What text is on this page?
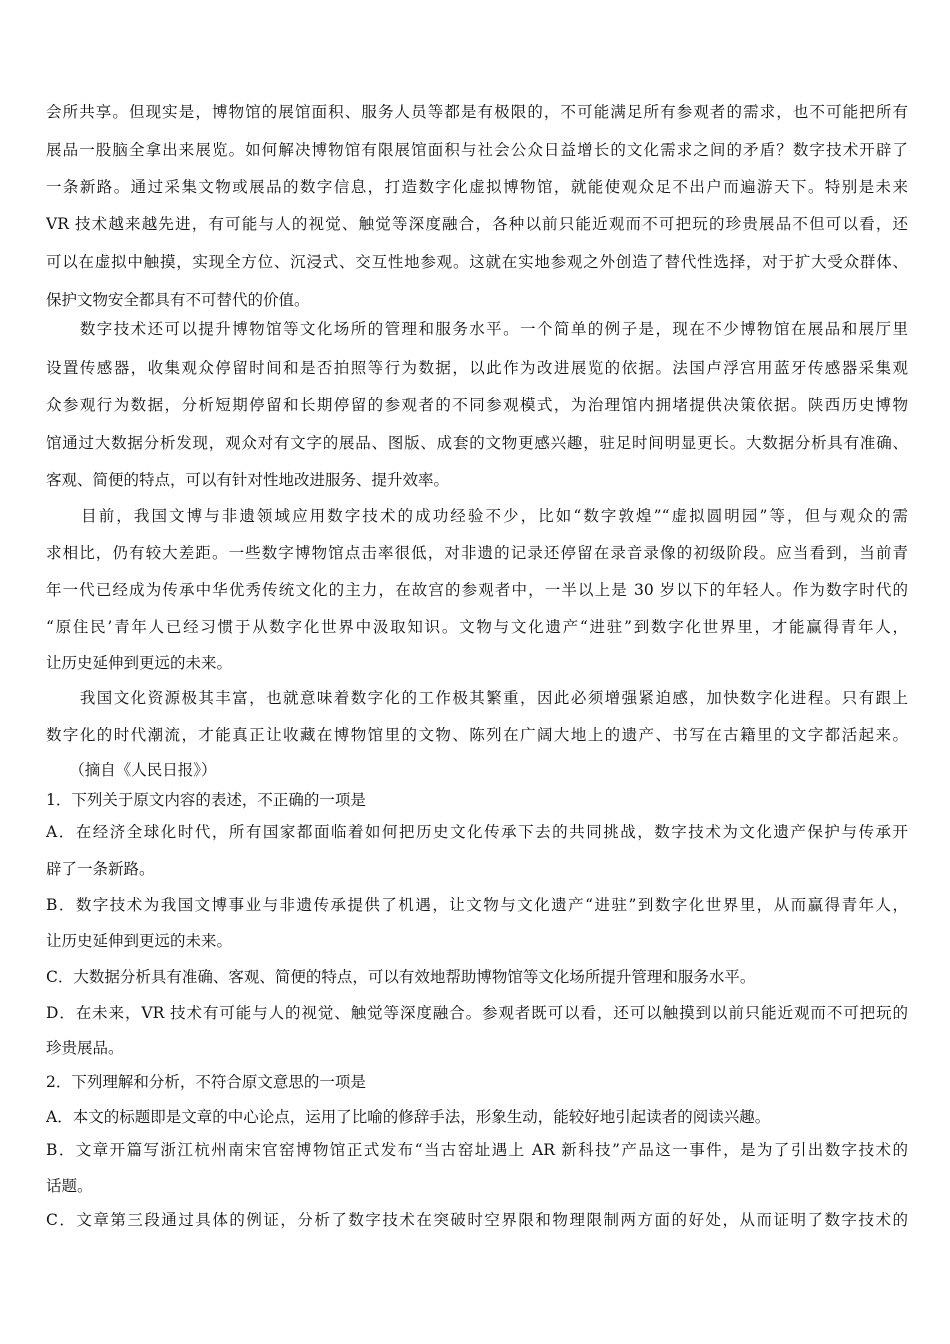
会所共享。但现实是，博物馆的展馆面积、服务人员等都是有极限的，不可能满足所有参观者的需求，也不可能把所有
展品一股脑全拿出来展览。如何解决博物馆有限展馆面积与社会公众日益增长的文化需求之间的矛盾？数字技术开辟了
一条新路。通过采集文物或展品的数字信息，打造数字化虚拟博物馆，就能使观众足不出户而遍游天下。特别是未来
VR 技术越来越先进，有可能与人的视觉、触觉等深度融合，各种以前只能近观而不可把玩的珍贵展品不但可以看，还
可以在虚拟中触摸，实现全方位、沉浸式、交互性地参观。这就在实地参观之外创造了替代性选择，对于扩大受众群体、
保护文物安全都具有不可替代的价值。
　　数字技术还可以提升博物馆等文化场所的管理和服务水平。一个简单的例子是，现在不少博物馆在展品和展厅里
设置传感器，收集观众停留时间和是否拍照等行为数据，以此作为改进展览的依据。法国卢浮宫用蓝牙传感器采集观
众参观行为数据，分析短期停留和长期停留的参观者的不同参观模式，为治理馆内拥堵提供决策依据。陕西历史博物
馆通过大数据分析发现，观众对有文字的展品、图版、成套的文物更感兴趣，驻足时间明显更长。大数据分析具有准确、
客观、简便的特点，可以有针对性地改进服务、提升效率。
　　目前，我国文博与非遗领域应用数字技术的成功经验不少，比如“数字敦煌”“虚拟圆明园”等，但与观众的需
求相比，仍有较大差距。一些数字博物馆点击率很低，对非遗的记录还停留在录音录像的初级阶段。应当看到，当前青
年一代已经成为传承中华优秀传统文化的主力，在故宫的参观者中，一半以上是 30 岁以下的年轻人。作为数字时代的
“原住民’青年人已经习惯于从数字化世界中汲取知识。文物与文化遗产“进驻”到数字化世界里，才能赢得青年人，
让历史延伸到更远的未来。
　　我国文化资源极其丰富，也就意味着数字化的工作极其繁重，因此必须增强紧迫感，加快数字化进程。只有跟上
数字化的时代潮流，才能真正让收藏在博物馆里的文物、陈列在广阔大地上的遗产、书写在古籍里的文字都活起来。
　　（摘自《人民日报》）
1．下列关于原文内容的表述，不正确的一项是
A．在经济全球化时代，所有国家都面临着如何把历史文化传承下去的共同挑战，数字技术为文化遗产保护与传承开
辟了一条新路。
B．数字技术为我国文博事业与非遗传承提供了机遇，让文物与文化遗产“进驻”到数字化世界里，从而赢得青年人，
让历史延伸到更远的未来。
C．大数据分析具有准确、客观、简便的特点，可以有效地帮助博物馆等文化场所提升管理和服务水平。
D．在未来，VR 技术有可能与人的视觉、触觉等深度融合。参观者既可以看，还可以触摸到以前只能近观而不可把玩的
珍贵展品。
2．下列理解和分析，不符合原文意思的一项是
A．本文的标题即是文章的中心论点，运用了比喻的修辞手法，形象生动，能较好地引起读者的阅读兴趣。
B．文章开篇写浙江杭州南宋官窑博物馆正式发布“当古窑址遇上 AR 新科技”产品这一事件，是为了引出数字技术的
话题。
C．文章第三段通过具体的例证，分析了数字技术在突破时空界限和物理限制两方面的好处，从而证明了数字技术的
